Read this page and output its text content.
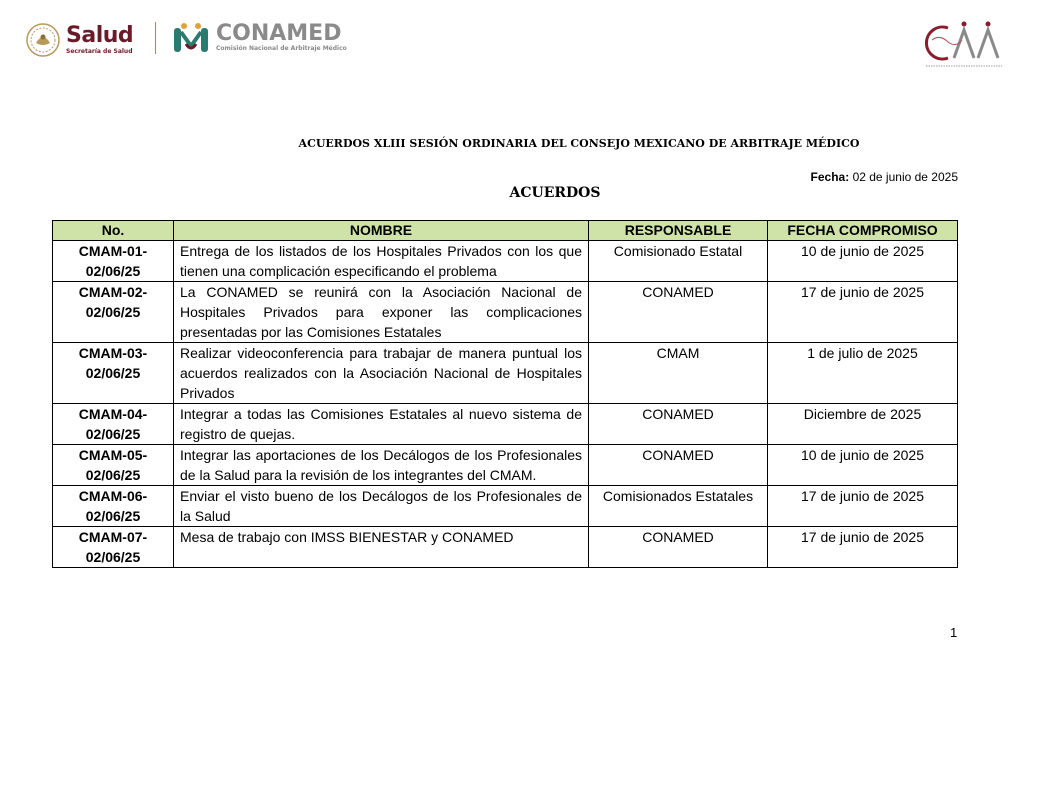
Salud
Secretaría de Salud
CONAMED
Comisión Nacional de Arbitraje Médico
ACUERDOS XLIII SESIÓN ORDINARIA DEL CONSEJO MEXICANO DE ARBITRAJE MÉDICO
Fecha: 02 de junio de 2025
ACUERDOS
No.	NOMBRE	RESPONSABLE	FECHA COMPROMISO
CMAM-01-
02/06/25	Entrega de los listados de los Hospitales Privados con los que tienen una complicación especificando el problema	Comisionado Estatal	10 de junio de 2025
CMAM-02-
02/06/25	La CONAMED se reunirá con la Asociación Nacional de Hospitales Privados para exponer las complicaciones presentadas por las Comisiones Estatales	CONAMED	17 de junio de 2025
CMAM-03-
02/06/25	Realizar videoconferencia para trabajar de manera puntual los acuerdos realizados con la Asociación Nacional de Hospitales Privados	CMAM	1 de julio de 2025
CMAM-04-
02/06/25	Integrar a todas las Comisiones Estatales al nuevo sistema de registro de quejas.	CONAMED	Diciembre de 2025
CMAM-05-
02/06/25	Integrar las aportaciones de los Decálogos de los Profesionales de la Salud para la revisión de los integrantes del CMAM.	CONAMED	10 de junio de 2025
CMAM-06-
02/06/25	Enviar el visto bueno de los Decálogos de los Profesionales de la Salud	Comisionados Estatales	17 de junio de 2025
CMAM-07-
02/06/25	Mesa de trabajo con IMSS BIENESTAR y CONAMED	CONAMED	17 de junio de 2025
1
